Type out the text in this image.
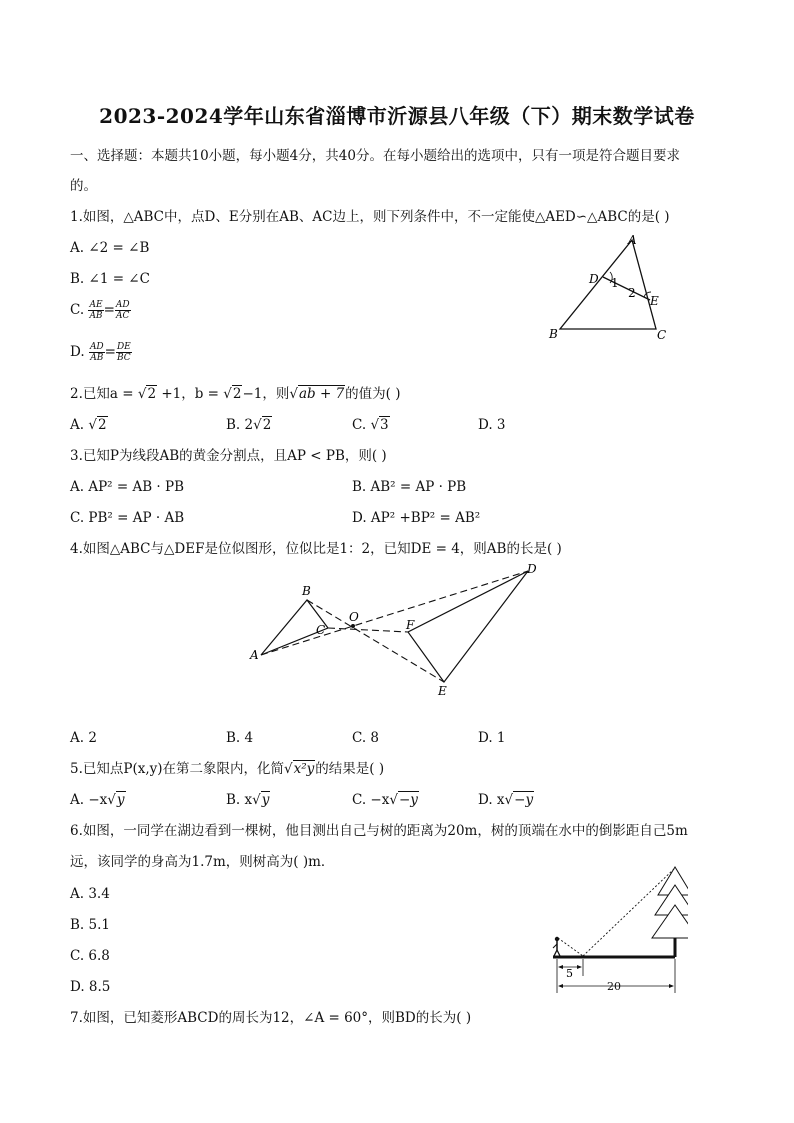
2023-2024学年山东省淄博市沂源县八年级（下）期末数学试卷
一、选择题：本题共10小题，每小题4分，共40分。在每小题给出的选项中，只有一项是符合题目要求
的。
1.如图，△ABC中，点D、E分别在AB、AC边上，则下列条件中，不一定能使△AED∽△ABC的是( )
A. ∠2 = ∠B
B. ∠1 = ∠C
C. $\frac{AE}{AB} = \frac{AD}{AC}$
D. $\frac{AD}{AB} = \frac{DE}{BC}$
A
B	C
D
E
1
2
2.已知a = √2 +1，b = √2−1，则√ab + 7的值为( )
A. √2	B. 2√2	C. √3	D. 3
3.已知P为线段AB的黄金分割点，且AP < PB，则( )
A. AP² = AB · PB	B. AB² = AP · PB
C. PB² = AP · AB	D. AP² +BP² = AB²
4.如图△ABC与△DEF是位似图形，位似比是1：2，已知DE = 4，则AB的长是( )
A
B
C
O
D
E
F
A. 2	B. 4	C. 8	D. 1
5.已知点P(x,y)在第二象限内，化简√x²y的结果是( )
A. −x√y	B. x√y	C. −x√−y	D. x√−y
6.如图，一同学在湖边看到一棵树，他目测出自己与树的距离为20m，树的顶端在水中的倒影距自己5m
远，该同学的身高为1.7m，则树高为( )m．
A. 3.4
B. 5.1
C. 6.8
D. 8.5
5
20
7.如图，已知菱形ABCD的周长为12，∠A = 60°，则BD的长为( )
